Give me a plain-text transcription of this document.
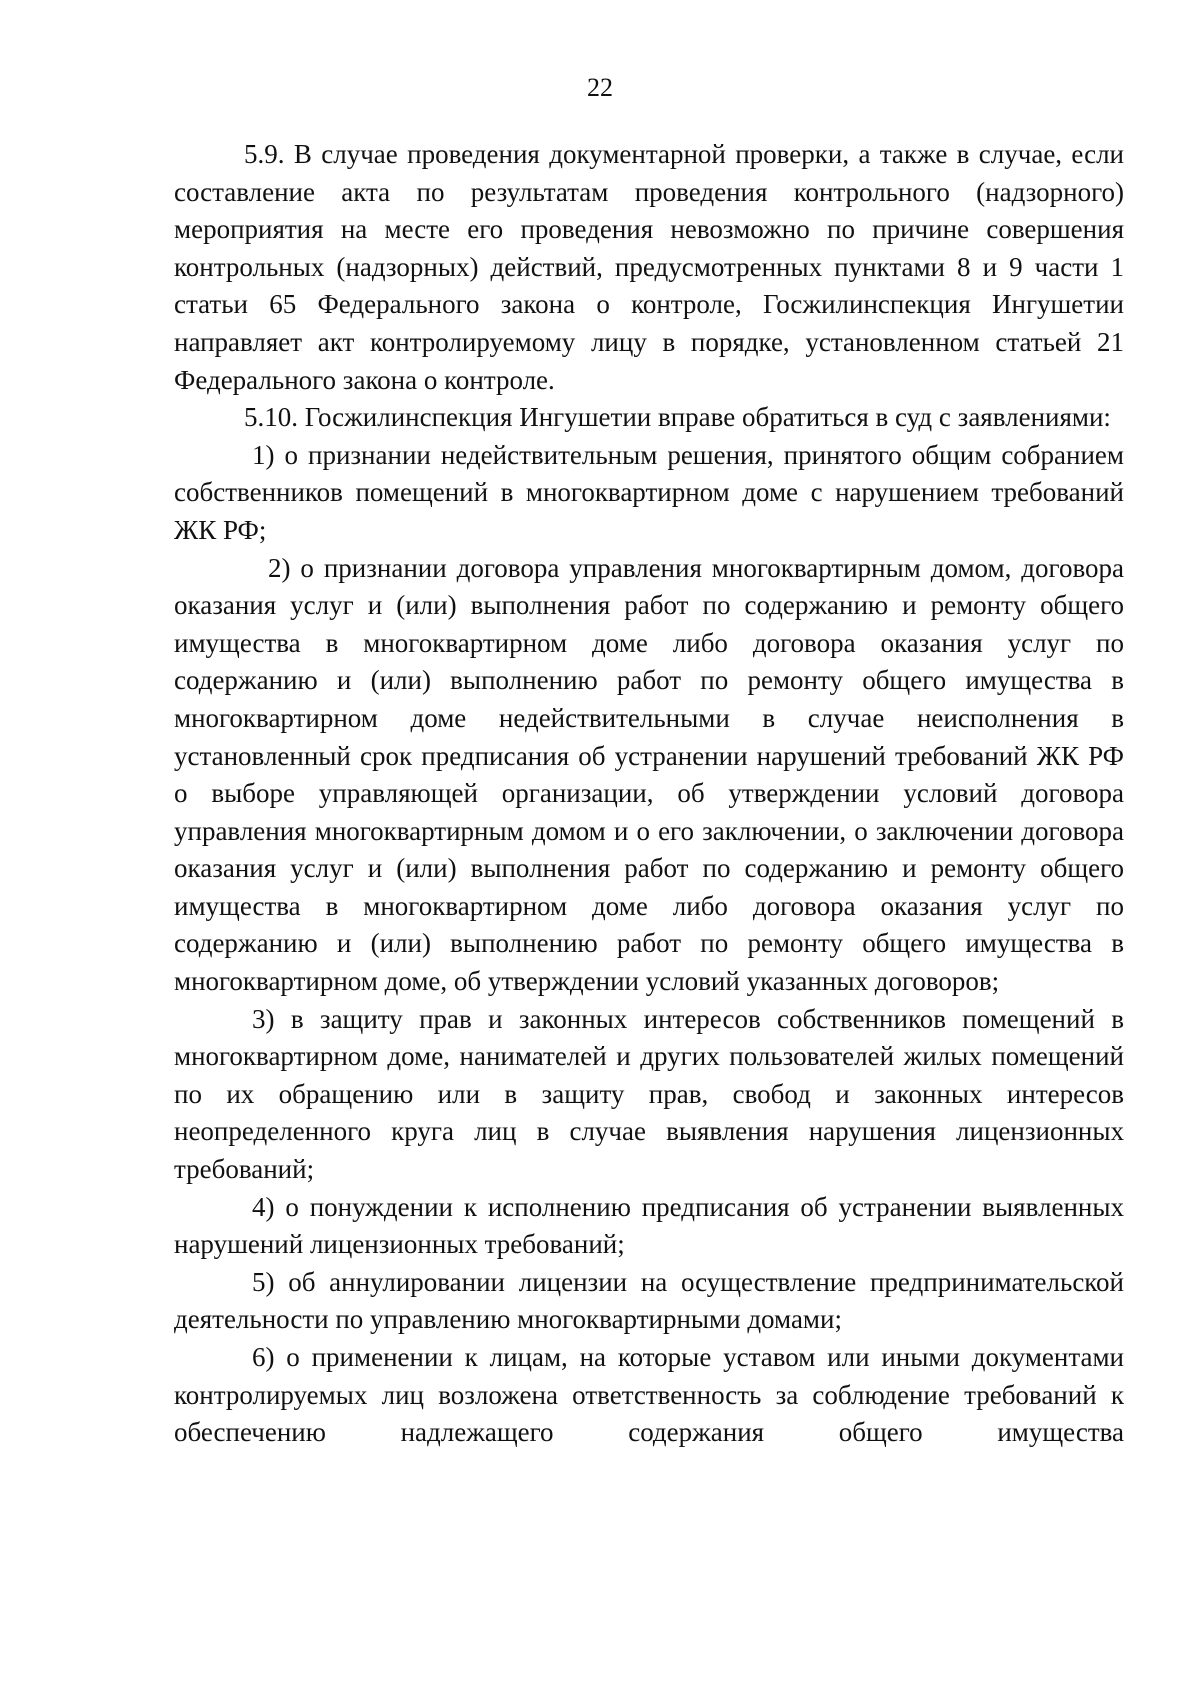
22

5.9. В случае проведения документарной проверки, а также в случае, если составление акта по результатам проведения контрольного (надзорного) мероприятия на месте его проведения невозможно по причине совершения контрольных (надзорных) действий, предусмотренных пунктами 8 и 9 части 1 статьи 65 Федерального закона о контроле, Госжилинспекция Ингушетии направляет акт контролируемому лицу в порядке, установленном статьей 21 Федерального закона о контроле.

5.10. Госжилинспекция Ингушетии вправе обратиться в суд с заявлениями:

1) о признании недействительным решения, принятого общим собранием собственников помещений в многоквартирном доме с нарушением требований ЖК РФ;

2) о признании договора управления многоквартирным домом, договора оказания услуг и (или) выполнения работ по содержанию и ремонту общего имущества в многоквартирном доме либо договора оказания услуг по содержанию и (или) выполнению работ по ремонту общего имущества в многоквартирном доме недействительными в случае неисполнения в установленный срок предписания об устранении нарушений требований ЖК РФ о выборе управляющей организации, об утверждении условий договора управления многоквартирным домом и о его заключении, о заключении договора оказания услуг и (или) выполнения работ по содержанию и ремонту общего имущества в многоквартирном доме либо договора оказания услуг по содержанию и (или) выполнению работ по ремонту общего имущества в многоквартирном доме, об утверждении условий указанных договоров;

3) в защиту прав и законных интересов собственников помещений в многоквартирном доме, нанимателей и других пользователей жилых помещений по их обращению или в защиту прав, свобод и законных интересов неопределенного круга лиц в случае выявления нарушения лицензионных требований;

4) о понуждении к исполнению предписания об устранении выявленных нарушений лицензионных требований;

5) об аннулировании лицензии на осуществление предпринимательской деятельности по управлению многоквартирными домами;

6) о применении к лицам, на которые уставом или иными документами контролируемых лиц возложена ответственность за соблюдение требований к обеспечению надлежащего содержания общего имущества
